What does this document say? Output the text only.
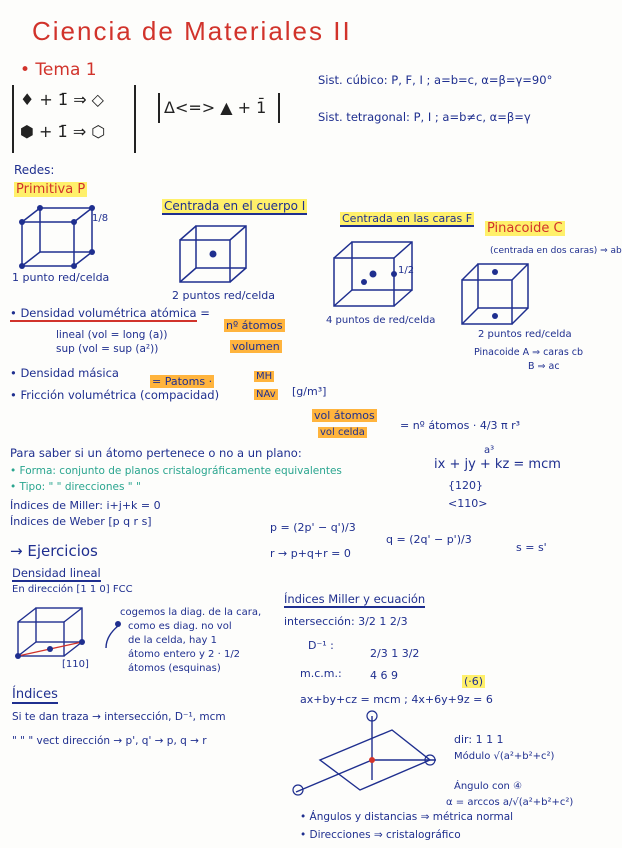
Ciencia de Materiales II
• Tema 1
♦ + 1̄ ⇒ ◇
⬢ + 1̄ ⇒ ⬡
Δ<=> ▲ + 1̄
Sist. cúbico: P, F, I ; a=b=c, α=β=γ=90°
Sist. tetragonal: P, I ; a=b≠c, α=β=γ
Redes:
Primitiva P
Centrada en el cuerpo I
Centrada en las caras F
Pinacoide C
(centrada en dos caras) ⇒ ab
1/8
1/2
1 punto red/celda
2 puntos red/celda
4 puntos de red/celda
2 puntos red/celda
Pinacoide A ⇒ caras cb
B ⇒ ac
• Densidad volumétrica atómica =
nº átomos
volumen
lineal (vol = long (a))
sup (vol = sup (a²))
• Densidad másica
= Patoms ·	MH
NAv [g/m³]
• Fricción volumétrica (compacidad)
vol átomos
vol celda
= nº átomos · 4/3 π r³
a³
Para saber si un átomo pertenece o no a un plano:
ix + jy + kz = mcm
• Forma: conjunto de planos cristalográficamente equivalentes
{120}
• Tipo: " " direcciones " "
<110>
Índices de Miller: i+j+k = 0
Índices de Weber [p q r s]	p = (2p' − q')/3
q = (2q' − p')/3
r → p+q+r = 0	s = s'
→ Ejercicios
Densidad lineal
En dirección [1 1 0] FCC
[110]
cogemos la diag. de la cara,
como es diag. no vol
de la celda, hay 1
átomo entero y 2 · 1/2
átomos (esquinas)
Índices
Si te dan traza → intersección, D⁻¹, mcm
" " " vect dirección → p', q' → p, q → r
Índices Miller y ecuación
intersección: 3/2 1 2/3
D⁻¹ :
2/3 1 3/2
m.c.m.:	4 6 9	(·6)
ax+by+cz = mcm ; 4x+6y+9z = 6
dir: 1 1 1
Módulo √(a²+b²+c²)
Ángulo con ④
α = arccos a/√(a²+b²+c²)
• Ángulos y distancias ⇒ métrica normal
• Direcciones ⇒ cristalográfico
